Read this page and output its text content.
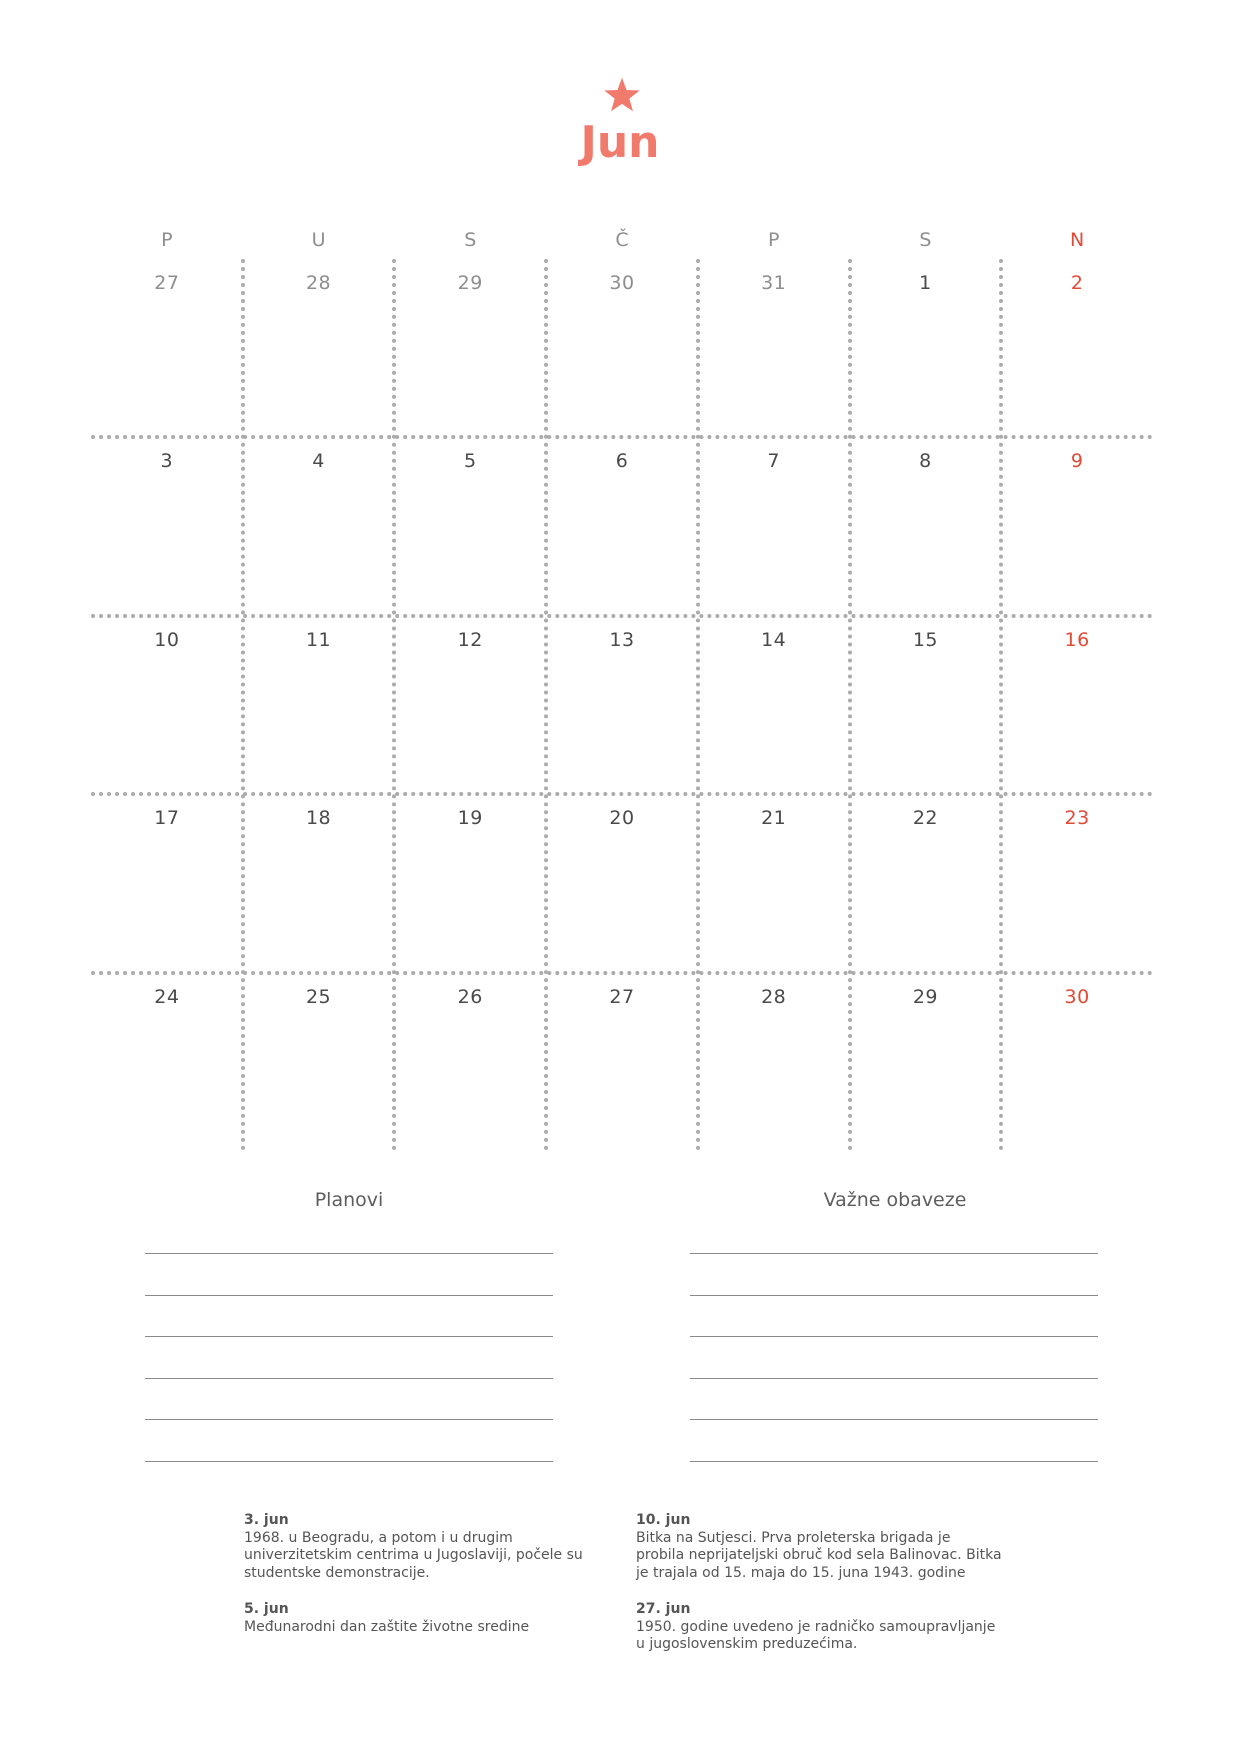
Jun
P	U	S	Č	P	S	N
27	28	29	30	31	1	2
3	4	5	6	7	8	9
10	11	12	13	14	15	16
17	18	19	20	21	22	23
24	25	26	27	28	29	30
Planovi	Važne obaveze
3. jun
1968. u Beogradu, a potom i u drugim
univerzitetskim centrima u Jugoslaviji, počele su
studentske demonstracije.
5. jun
Međunarodni dan zaštite životne sredine
10. jun
Bitka na Sutjesci. Prva proleterska brigada je
probila neprijateljski obruč kod sela Balinovac. Bitka
je trajala od 15. maja do 15. juna 1943. godine
27. jun
1950. godine uvedeno je radničko samoupravljanje
u jugoslovenskim preduzećima.
